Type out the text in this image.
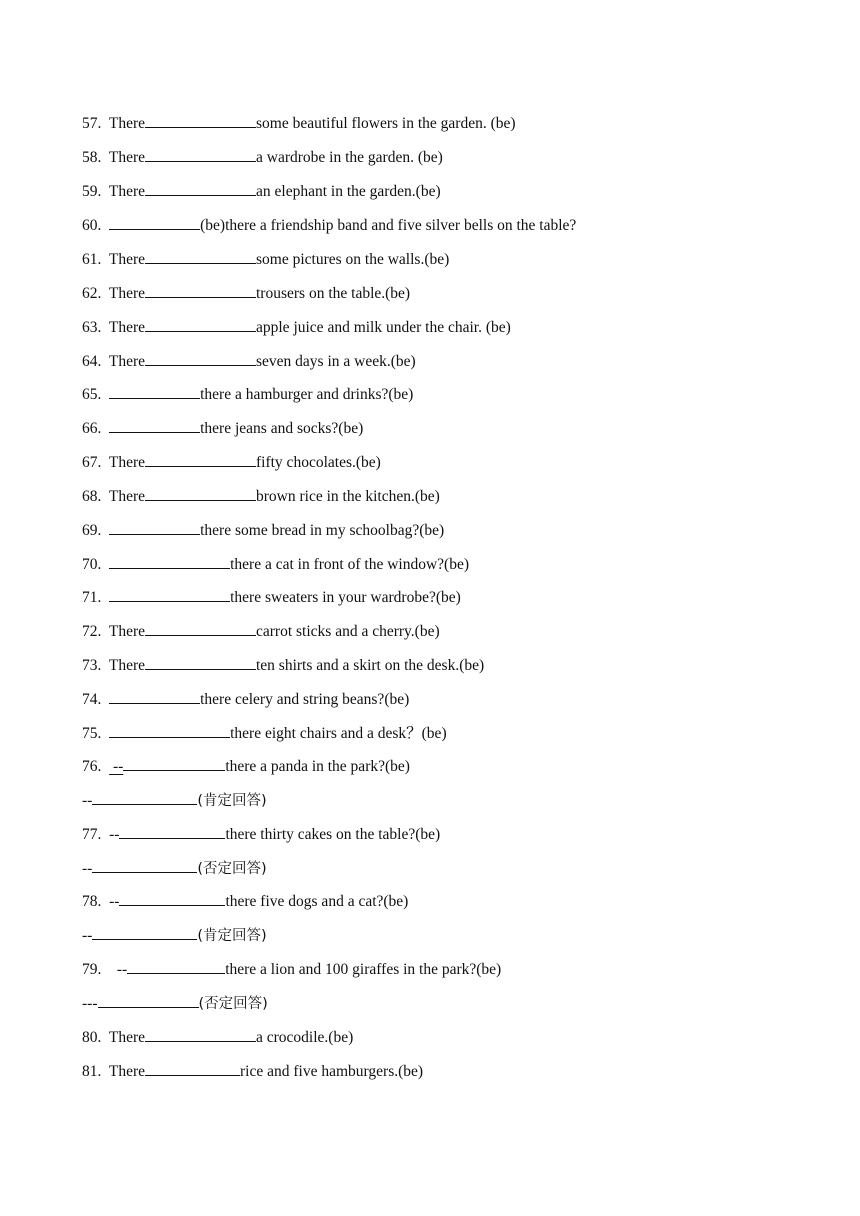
57. There	some beautiful flowers in the garden. (be)
58. There	a wardrobe in the garden. (be)
59. There	an elephant in the garden.(be)
60.	(be)there a friendship band and five silver bells on the table?
61. There	some pictures on the walls.(be)
62. There	trousers on the table.(be)
63. There	apple juice and milk under the chair. (be)
64. There	seven days in a week.(be)
65.	there a hamburger and drinks?(be)
66.	there jeans and socks?(be)
67. There	fifty chocolates.(be)
68. There	brown rice in the kitchen.(be)
69.	there some bread in my schoolbag?(be)
70.	there a cat in front of the window?(be)
71.	there sweaters in your wardrobe?(be)
72. There	carrot sticks and a cherry.(be)
73. There	ten shirts and a skirt on the desk.(be)
74.	there celery and string beans?(be)
75.	there eight chairs and a desk？(be)
76. --	there a panda in the park?(be)
--	(肯定回答)
77. --	there thirty cakes on the table?(be)
--	(否定回答)
78. --	there five dogs and a cat?(be)
--	(肯定回答)
79. --	there a lion and 100 giraffes in the park?(be)
---	(否定回答)
80. There	a crocodile.(be)
81. There	rice and five hamburgers.(be)
